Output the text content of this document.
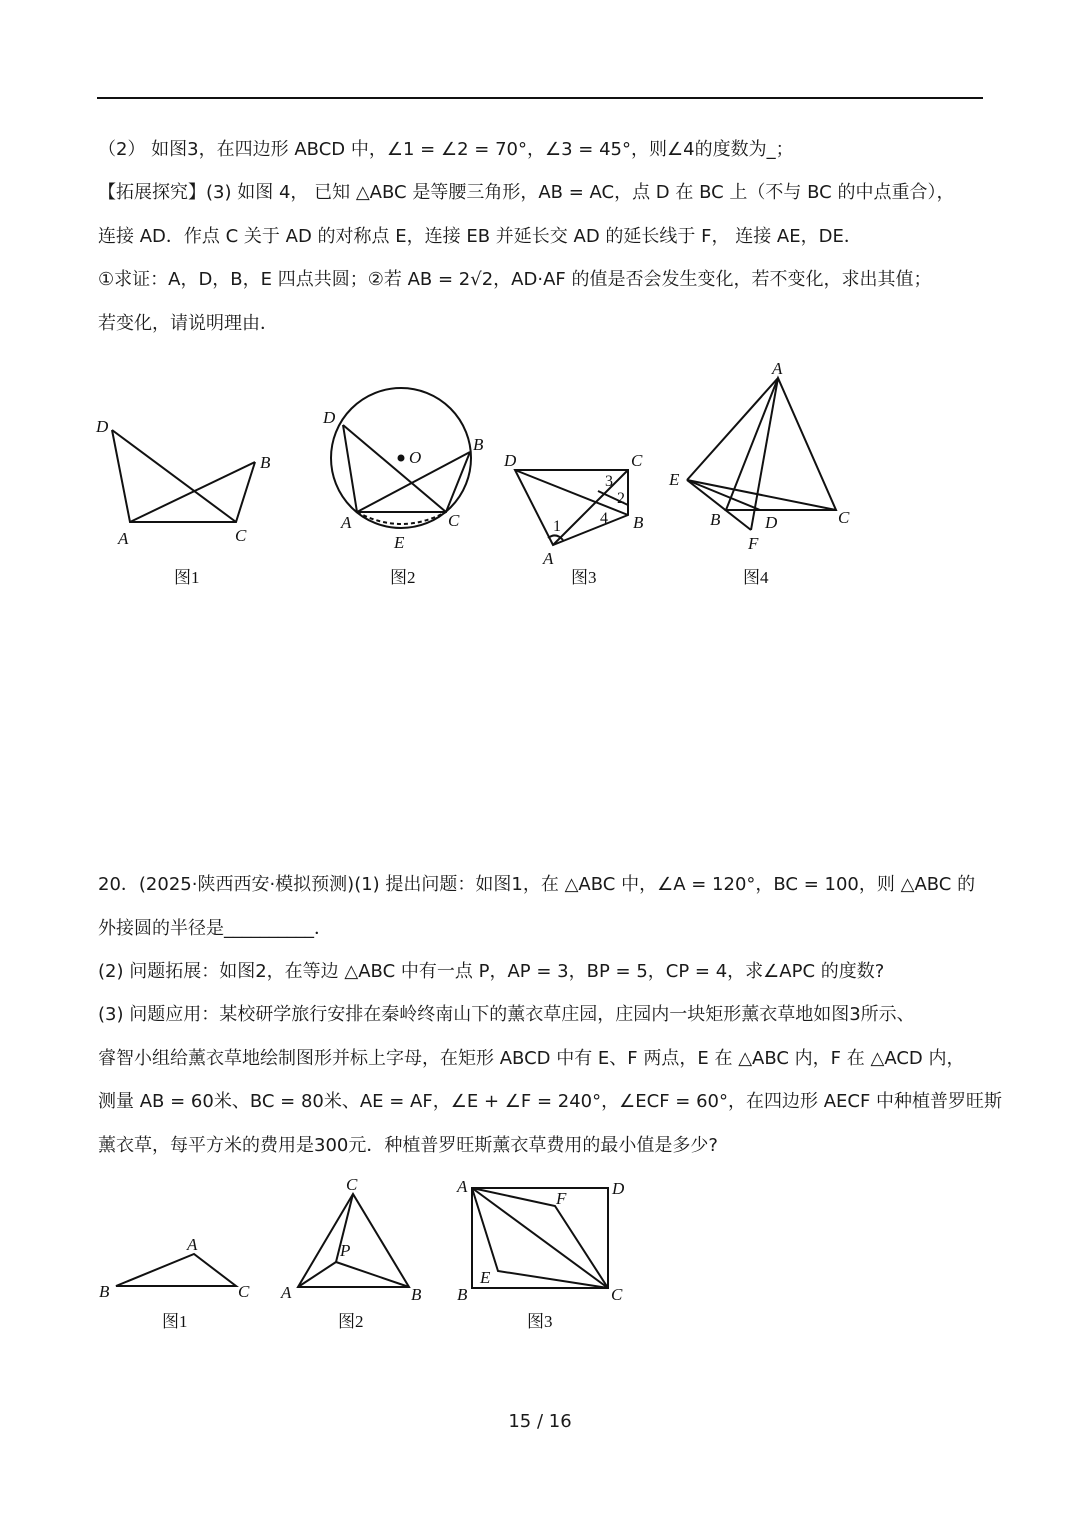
（2） 如图3，在四边形 ABCD 中，∠1 = ∠2 = 70°，∠3 = 45°，则∠4的度数为_；
【拓展探究】(3) 如图 4， 已知 △ABC 是等腰三角形，AB = AC，点 D 在 BC 上（不与 BC 的中点重合），
连接 AD．作点 C 关于 AD 的对称点 E，连接 EB 并延长交 AD 的延长线于 F， 连接 AE，DE．
①求证：A，D，B，E 四点共圆；②若 AB = 2√2，AD·AF 的值是否会发生变化，若不变化，求出其值；
若变化，请说明理由．
D
B
A	C
图1
D
O
B
A	C
E
图2
D	C
B
A
3
2
4
1
图3
A
E
B	D	C
F
图4
20．(2025·陕西西安·模拟预测)(1) 提出问题：如图1，在 △ABC 中，∠A = 120°，BC = 100，则 △ABC 的
外接圆的半径是__________．
(2) 问题拓展：如图2，在等边 △ABC 中有一点 P，AP = 3，BP = 5，CP = 4，求∠APC 的度数?
(3) 问题应用：某校研学旅行安排在秦岭终南山下的薰衣草庄园，庄园内一块矩形薰衣草地如图3所示、
睿智小组给薰衣草地绘制图形并标上字母，在矩形 ABCD 中有 E、F 两点，E 在 △ABC 内，F 在 △ACD 内，
测量 AB = 60米、BC = 80米、AE = AF，∠E + ∠F = 240°，∠ECF = 60°，在四边形 AECF 中种植普罗旺斯
薰衣草，每平方米的费用是300元．种植普罗旺斯薰衣草费用的最小值是多少?
A
B	C
图1
C
P
A	B
图2
A	D
F
E
B	C
图3
15 / 16
